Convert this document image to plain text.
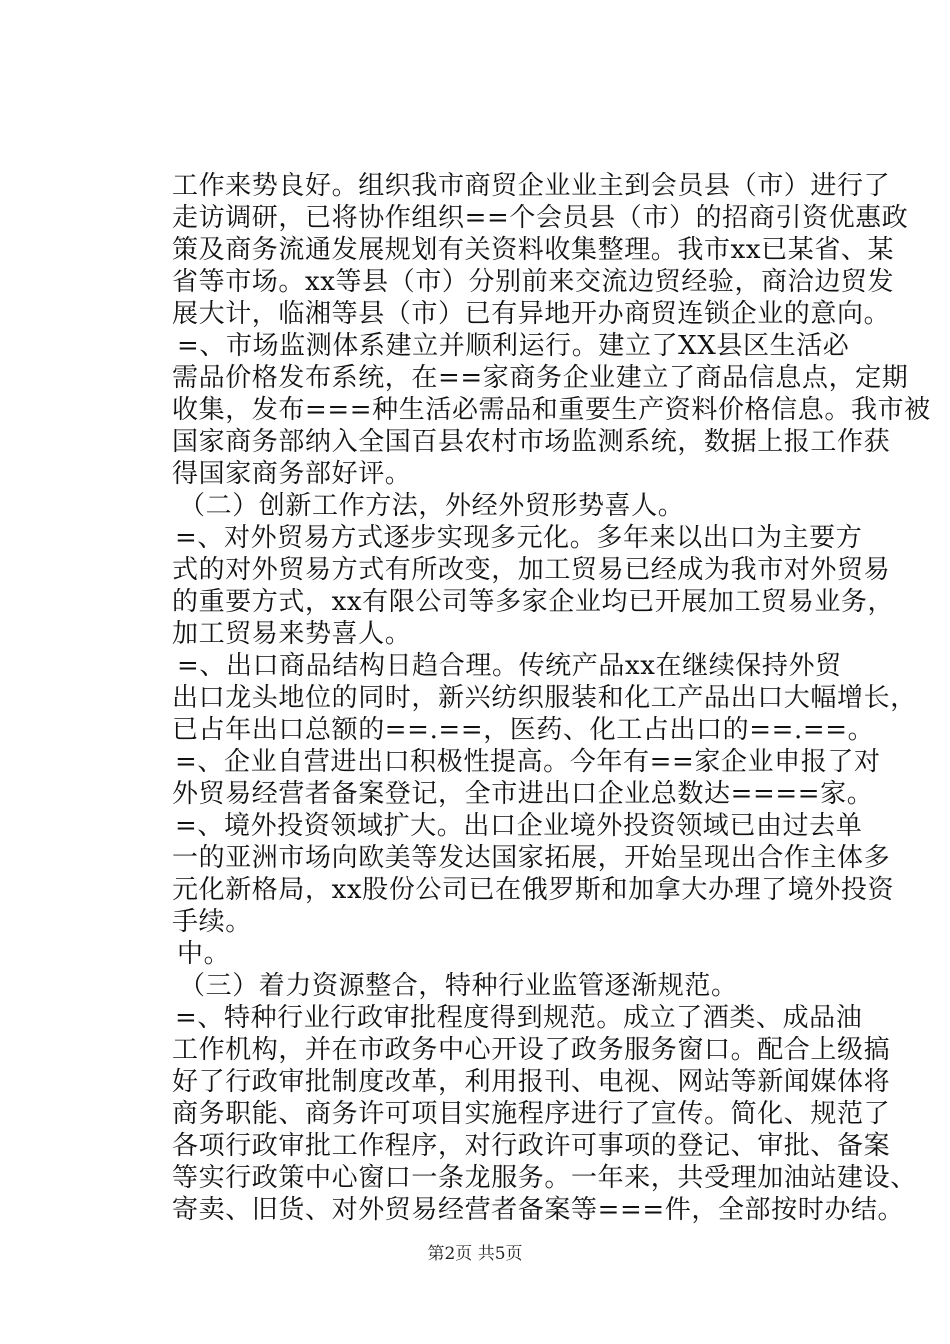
工作来势良好。组织我市商贸企业业主到会员县（市）进行了
走访调研，已将协作组织==个会员县（市）的招商引资优惠政
策及商务流通发展规划有关资料收集整理。我市xx已某省、某
省等市场。xx等县（市）分别前来交流边贸经验，商洽边贸发
展大计，临湘等县（市）已有异地开办商贸连锁企业的意向。
=、市场监测体系建立并顺利运行。建立了XX县区生活必
需品价格发布系统，在==家商务企业建立了商品信息点，定期
收集，发布===种生活必需品和重要生产资料价格信息。我市被
国家商务部纳入全国百县农村市场监测系统，数据上报工作获
得国家商务部好评。
（二）创新工作方法，外经外贸形势喜人。
=、对外贸易方式逐步实现多元化。多年来以出口为主要方
式的对外贸易方式有所改变，加工贸易已经成为我市对外贸易
的重要方式，xx有限公司等多家企业均已开展加工贸易业务，
加工贸易来势喜人。
=、出口商品结构日趋合理。传统产品xx在继续保持外贸
出口龙头地位的同时，新兴纺织服装和化工产品出口大幅增长，
已占年出口总额的==.==，医药、化工占出口的==.==。
=、企业自营进出口积极性提高。今年有==家企业申报了对
外贸易经营者备案登记，全市进出口企业总数达====家。
=、境外投资领域扩大。出口企业境外投资领域已由过去单
一的亚洲市场向欧美等发达国家拓展，开始呈现出合作主体多
元化新格局，xx股份公司已在俄罗斯和加拿大办理了境外投资
手续。
中。
（三）着力资源整合，特种行业监管逐渐规范。
=、特种行业行政审批程度得到规范。成立了酒类、成品油
工作机构，并在市政务中心开设了政务服务窗口。配合上级搞
好了行政审批制度改革，利用报刊、电视、网站等新闻媒体将
商务职能、商务许可项目实施程序进行了宣传。简化、规范了
各项行政审批工作程序，对行政许可事项的登记、审批、备案
等实行政策中心窗口一条龙服务。一年来，共受理加油站建设、
寄卖、旧货、对外贸易经营者备案等===件，全部按时办结。
第2页 共5页
